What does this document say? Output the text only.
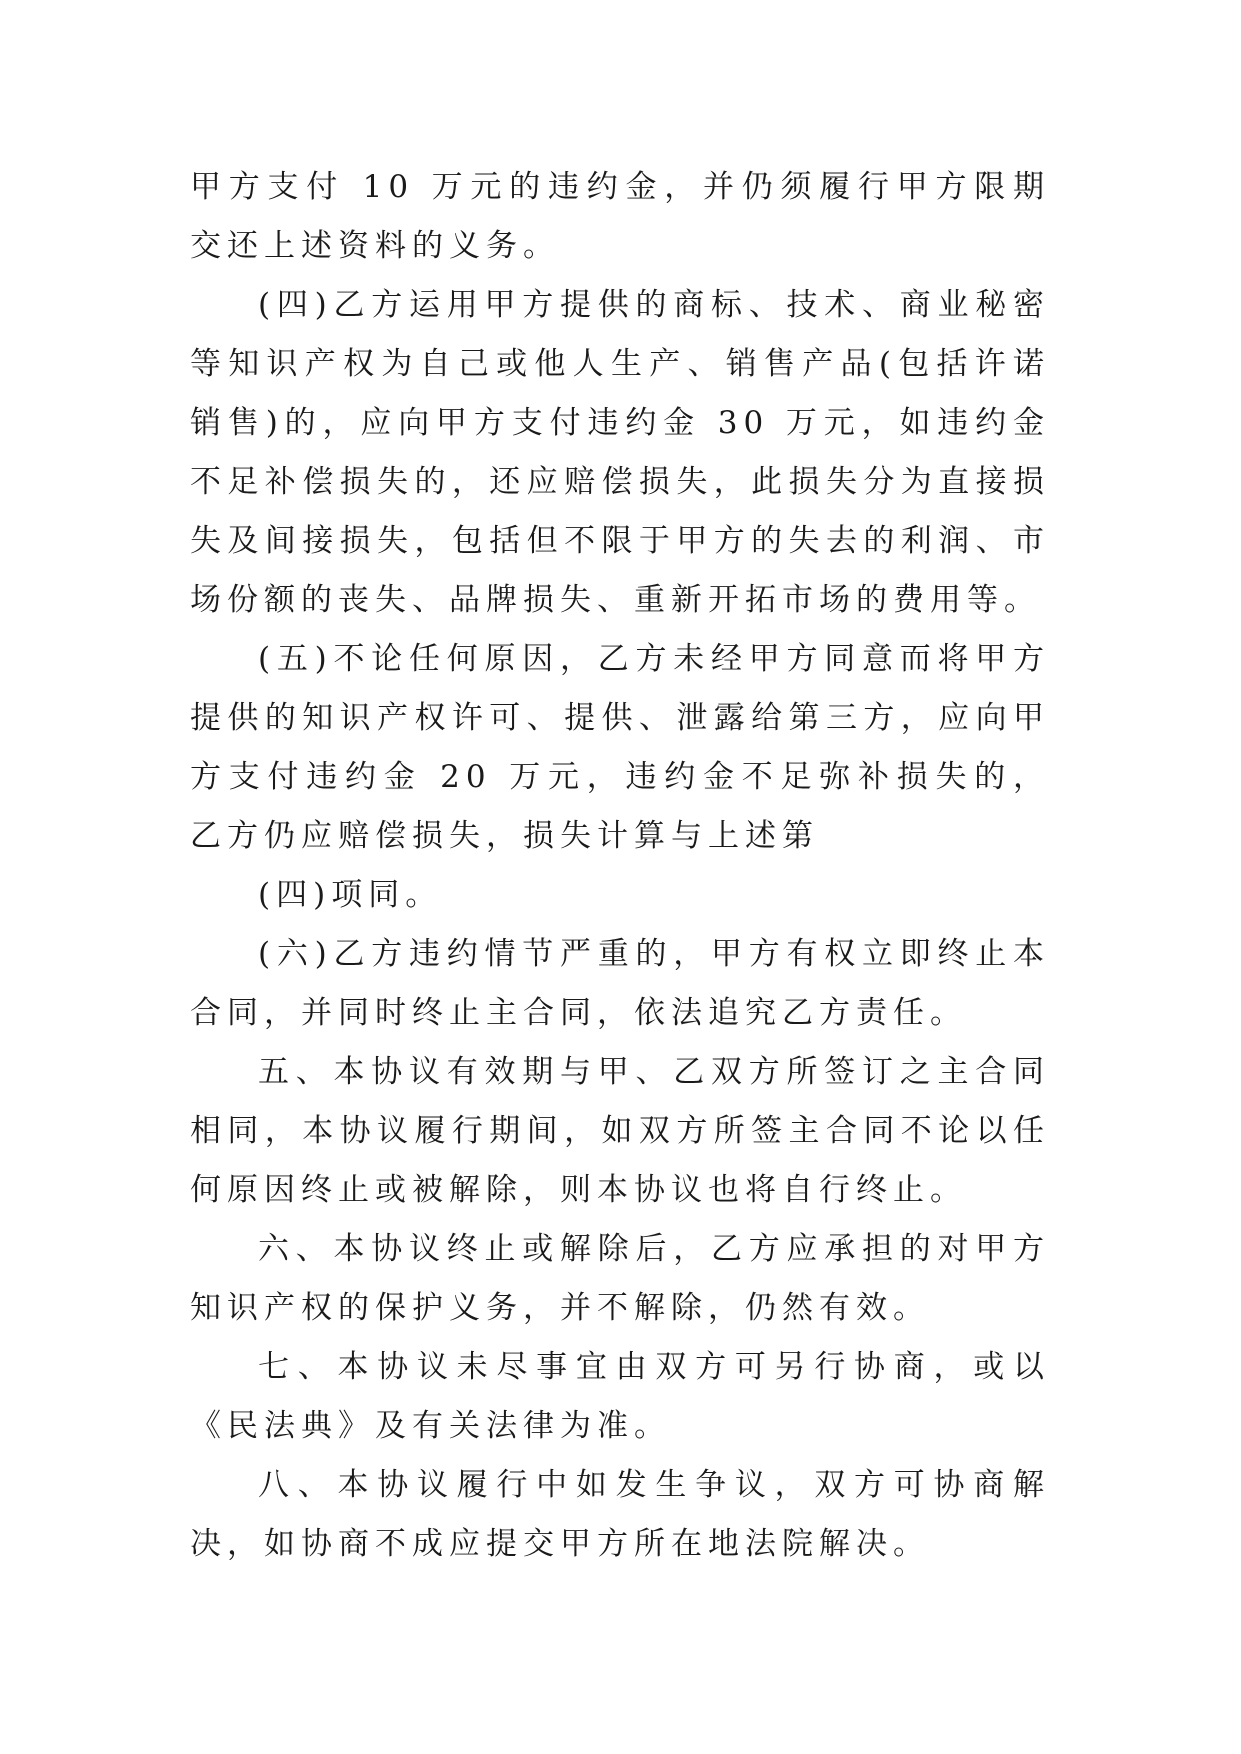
甲方支付 10 万元的违约金，并仍须履行甲方限期交还上述资料的义务。

(四)乙方运用甲方提供的商标、技术、商业秘密等知识产权为自己或他人生产、销售产品(包括许诺销售)的，应向甲方支付违约金 30 万元，如违约金不足补偿损失的，还应赔偿损失，此损失分为直接损失及间接损失，包括但不限于甲方的失去的利润、市场份额的丧失、品牌损失、重新开拓市场的费用等。

(五)不论任何原因，乙方未经甲方同意而将甲方提供的知识产权许可、提供、泄露给第三方，应向甲方支付违约金 20 万元，违约金不足弥补损失的，乙方仍应赔偿损失，损失计算与上述第

(四)项同。

(六)乙方违约情节严重的，甲方有权立即终止本合同，并同时终止主合同，依法追究乙方责任。

五、本协议有效期与甲、乙双方所签订之主合同相同，本协议履行期间，如双方所签主合同不论以任何原因终止或被解除，则本协议也将自行终止。

六、本协议终止或解除后，乙方应承担的对甲方知识产权的保护义务，并不解除，仍然有效。

七、本协议未尽事宜由双方可另行协商，或以《民法典》及有关法律为准。

八、本协议履行中如发生争议，双方可协商解决，如协商不成应提交甲方所在地法院解决。
